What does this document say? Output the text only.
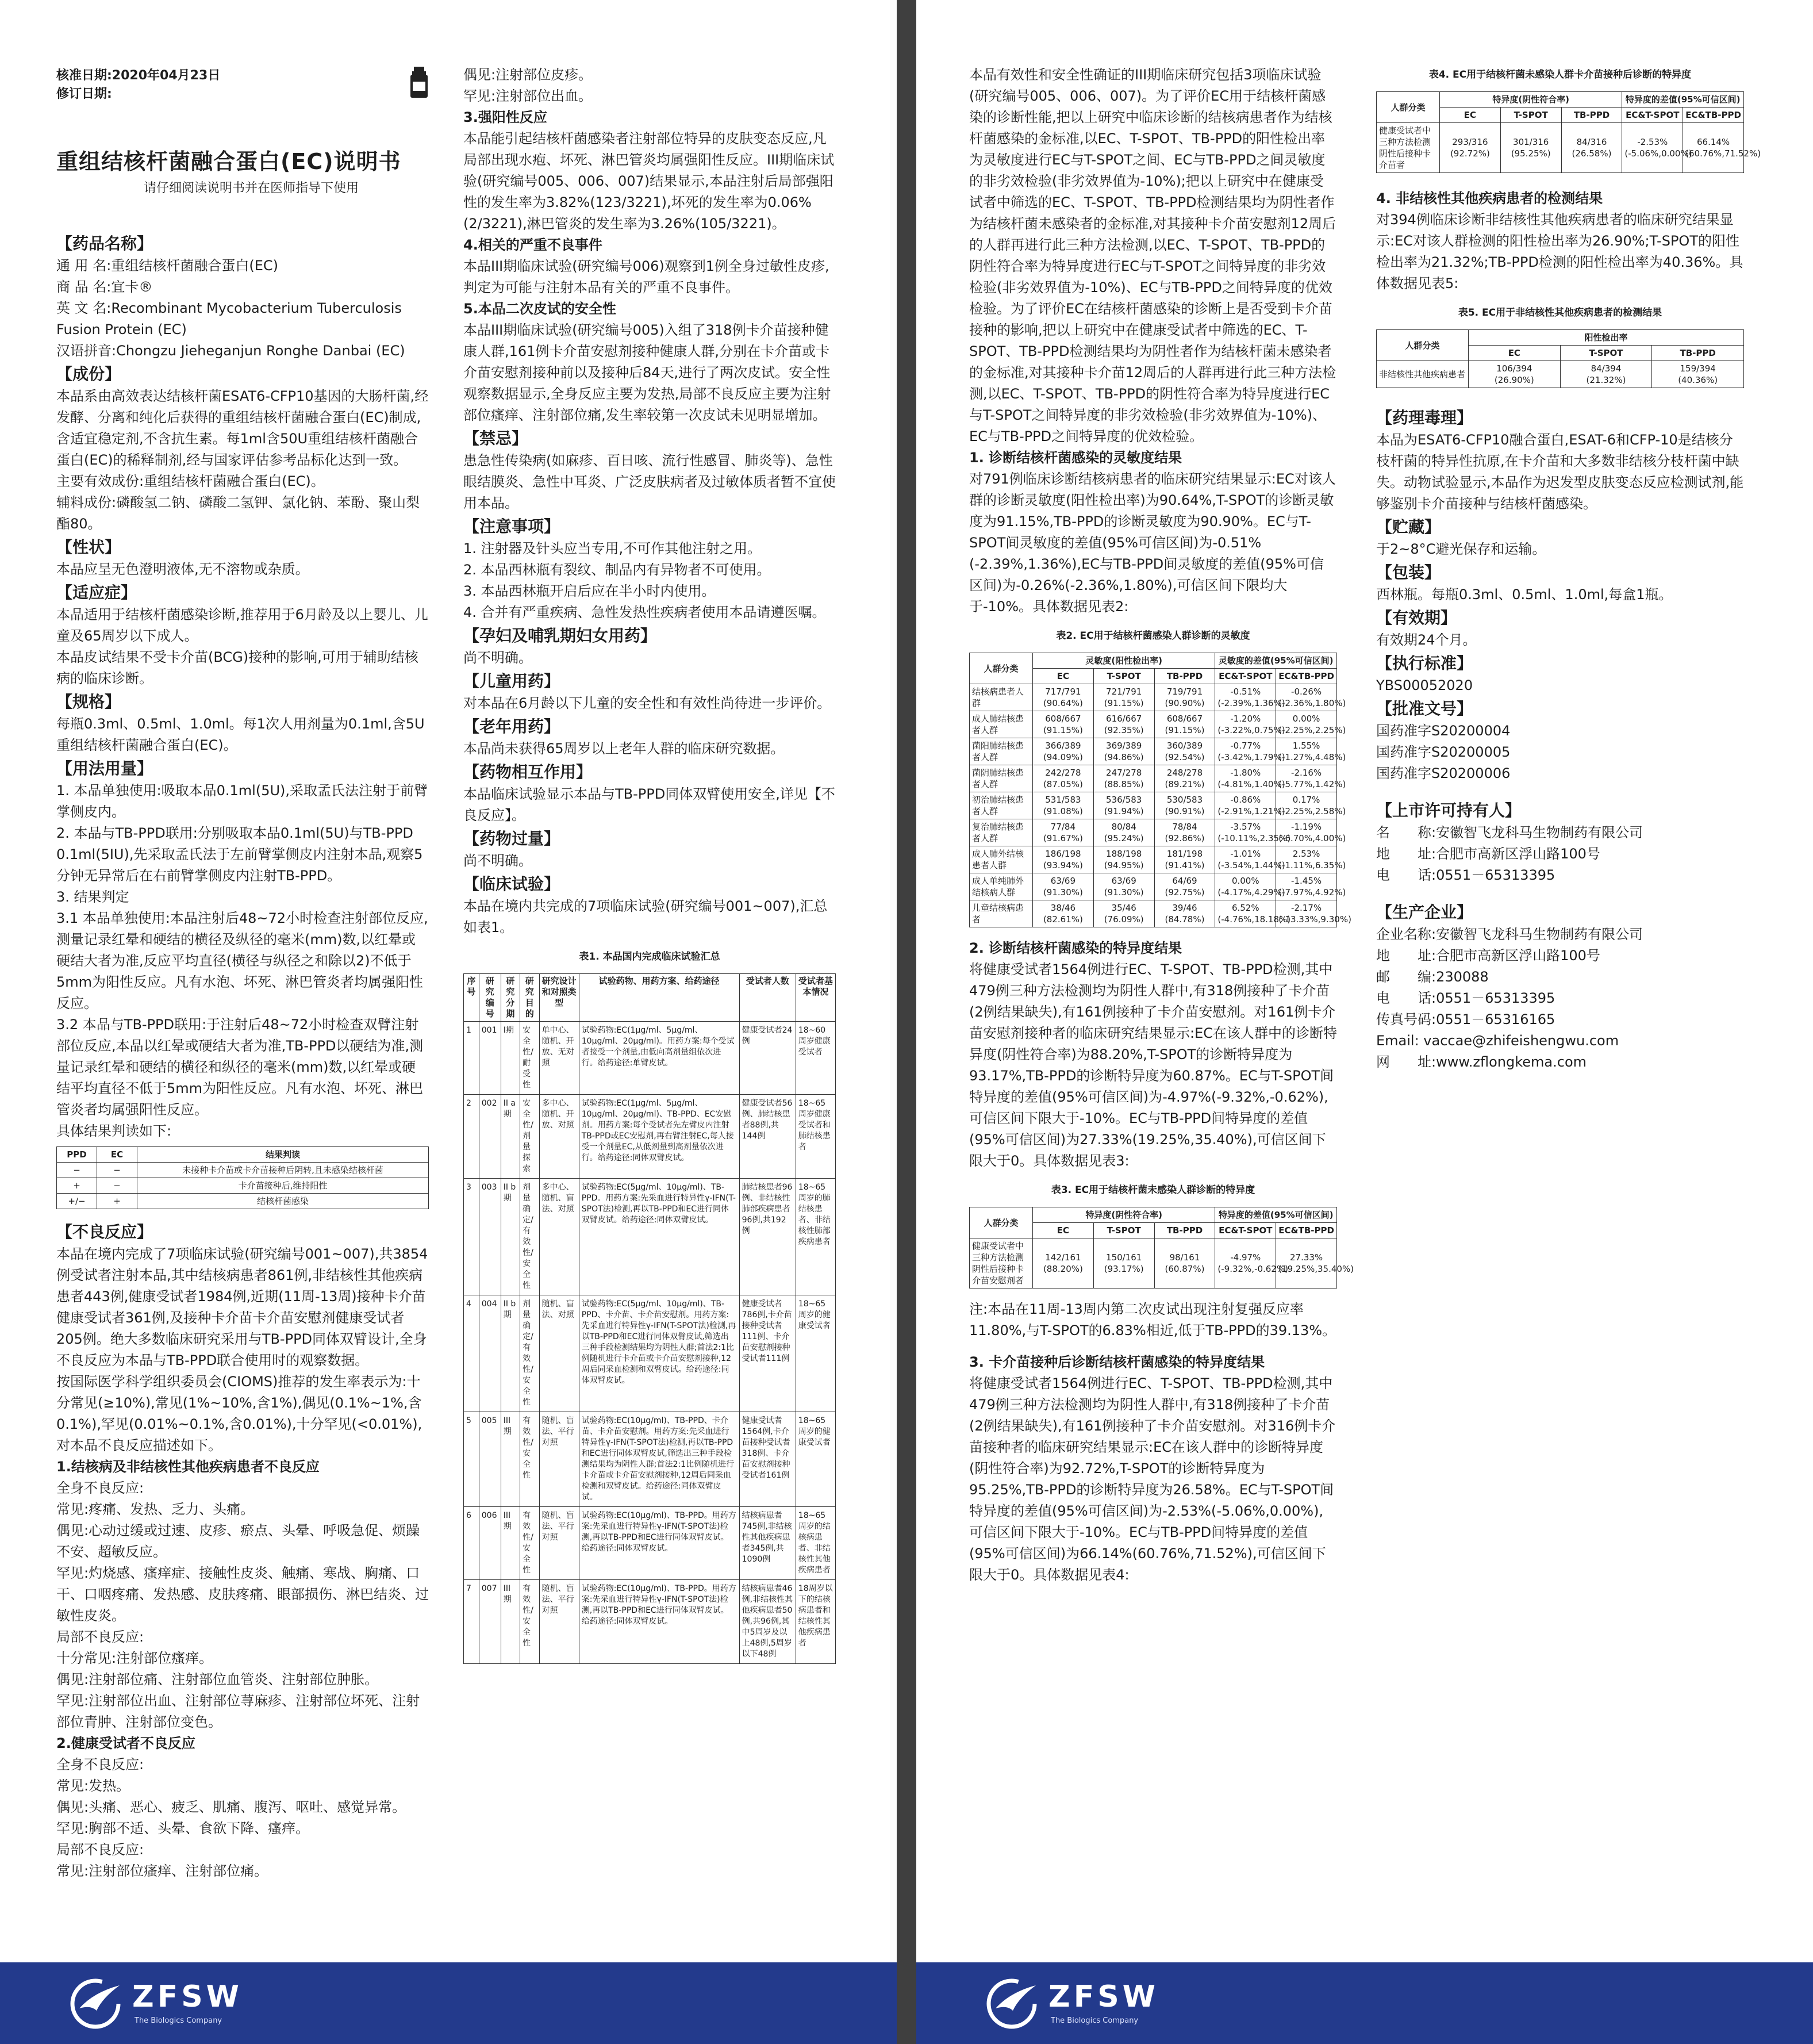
核准日期:2020年04月23日

修订日期:

重组结核杆菌融合蛋白(EC)说明书
请仔细阅读说明书并在医师指导下使用

【药品名称】

通 用 名:重组结核杆菌融合蛋白(EC)

商 品 名:宜卡®

英 文 名:Recombinant Mycobacterium Tuberculosis Fusion Protein (EC)

汉语拼音:Chongzu Jieheganjun Ronghe Danbai (EC)

【成份】

本品系由高效表达结核杆菌ESAT6-CFP10基因的大肠杆菌,经发酵、分离和纯化后获得的重组结核杆菌融合蛋白(EC)制成,含适宜稳定剂,不含抗生素。每1ml含50U重组结核杆菌融合蛋白(EC)的稀释制剂,经与国家评估参考品标化达到一致。

主要有效成份:重组结核杆菌融合蛋白(EC)。

辅料成份:磷酸氢二钠、磷酸二氢钾、氯化钠、苯酚、聚山梨酯80。

【性状】

本品应呈无色澄明液体,无不溶物或杂质。

【适应症】

本品适用于结核杆菌感染诊断,推荐用于6月龄及以上婴儿、儿童及65周岁以下成人。

本品皮试结果不受卡介苗(BCG)接种的影响,可用于辅助结核病的临床诊断。

【规格】

每瓶0.3ml、0.5ml、1.0ml。每1次人用剂量为0.1ml,含5U重组结核杆菌融合蛋白(EC)。

【用法用量】

1. 本品单独使用:吸取本品0.1ml(5U),采取孟氏法注射于前臂掌侧皮内。

2. 本品与TB-PPD联用:分别吸取本品0.1ml(5U)与TB-PPD 0.1ml(5IU),先采取孟氏法于左前臂掌侧皮内注射本品,观察5分钟无异常后在右前臂掌侧皮内注射TB-PPD。

3. 结果判定

3.1 本品单独使用:本品注射后48~72小时检查注射部位反应,测量记录红晕和硬结的横径及纵径的毫米(mm)数,以红晕或硬结大者为准,反应平均直径(横径与纵径之和除以2)不低于5mm为阳性反应。凡有水泡、坏死、淋巴管炎者均属强阳性反应。

3.2 本品与TB-PPD联用:于注射后48~72小时检查双臂注射部位反应,本品以红晕或硬结大者为准,TB-PPD以硬结为准,测量记录红晕和硬结的横径和纵径的毫米(mm)数,以红晕或硬结平均直径不低于5mm为阳性反应。凡有水泡、坏死、淋巴管炎者均属强阳性反应。

具体结果判读如下:

PPD	EC	结果判读
−	−	未接种卡介苗或卡介苗接种后阴转,且未感染结核杆菌
+	−	卡介苗接种后,维持阳性
+/−	+	结核杆菌感染

【不良反应】

本品在境内完成了7项临床试验(研究编号001~007),共3854例受试者注射本品,其中结核病患者861例,非结核性其他疾病患者443例,健康受试者1984例,近期(11周-13周)接种卡介苗健康受试者361例,及接种卡介苗卡介苗安慰剂健康受试者205例。绝大多数临床研究采用与TB-PPD同体双臂设计,全身不良反应为本品与TB-PPD联合使用时的观察数据。

按国际医学科学组织委员会(CIOMS)推荐的发生率表示为:十分常见(≥10%),常见(1%~10%,含1%),偶见(0.1%~1%,含0.1%),罕见(0.01%~0.1%,含0.01%),十分罕见(<0.01%),对本品不良反应描述如下。

1.结核病及非结核性其他疾病患者不良反应

全身不良反应:

常见:疼痛、发热、乏力、头痛。

偶见:心动过缓或过速、皮疹、瘀点、头晕、呼吸急促、烦躁不安、超敏反应。

罕见:灼烧感、瘙痒症、接触性皮炎、触痛、寒战、胸痛、口干、口咽疼痛、发热感、皮肤疼痛、眼部损伤、淋巴结炎、过敏性皮炎。

局部不良反应:

十分常见:注射部位瘙痒。

偶见:注射部位痛、注射部位血管炎、注射部位肿胀。

罕见:注射部位出血、注射部位荨麻疹、注射部位坏死、注射部位青肿、注射部位变色。

2.健康受试者不良反应

全身不良反应:

常见:发热。

偶见:头痛、恶心、疲乏、肌痛、腹泻、呕吐、感觉异常。

罕见:胸部不适、头晕、食欲下降、瘙痒。

局部不良反应:

常见:注射部位瘙痒、注射部位痛。

偶见:注射部位皮疹。

罕见:注射部位出血。

3.强阳性反应

本品能引起结核杆菌感染者注射部位特异的皮肤变态反应,凡局部出现水疱、坏死、淋巴管炎均属强阳性反应。III期临床试验(研究编号005、006、007)结果显示,本品注射后局部强阳性的发生率为3.82%(123/3221),坏死的发生率为0.06%(2/3221),淋巴管炎的发生率为3.26%(105/3221)。

4.相关的严重不良事件

本品III期临床试验(研究编号006)观察到1例全身过敏性皮疹,判定为可能与注射本品有关的严重不良事件。

5.本品二次皮试的安全性

本品III期临床试验(研究编号005)入组了318例卡介苗接种健康人群,161例卡介苗安慰剂接种健康人群,分别在卡介苗或卡介苗安慰剂接种前以及接种后84天,进行了两次皮试。安全性观察数据显示,全身反应主要为发热,局部不良反应主要为注射部位瘙痒、注射部位痛,发生率较第一次皮试未见明显增加。

【禁忌】

患急性传染病(如麻疹、百日咳、流行性感冒、肺炎等)、急性眼结膜炎、急性中耳炎、广泛皮肤病者及过敏体质者暂不宜使用本品。

【注意事项】

1. 注射器及针头应当专用,不可作其他注射之用。

2. 本品西林瓶有裂纹、制品内有异物者不可使用。

3. 本品西林瓶开启后应在半小时内使用。

4. 合并有严重疾病、急性发热性疾病者使用本品请遵医嘱。

【孕妇及哺乳期妇女用药】

尚不明确。

【儿童用药】

对本品在6月龄以下儿童的安全性和有效性尚待进一步评价。

【老年用药】

本品尚未获得65周岁以上老年人群的临床研究数据。

【药物相互作用】

本品临床试验显示本品与TB-PPD同体双臂使用安全,详见【不良反应】。

【药物过量】

尚不明确。

【临床试验】

本品在境内共完成的7项临床试验(研究编号001~007),汇总如表1。

表1. 本品国内完成临床试验汇总

序号	研究编号	研究分期	研究目的	研究设计和对照类型	试验药物、用药方案、给药途径	受试者人数	受试者基本情况
1	001	I期	安全性/耐受性	单中心、随机、开放、无对照	试验药物:EC(1μg/ml、5μg/ml、10μg/ml、20μg/ml)。用药方案:每个受试者接受一个剂量,由低向高剂量组依次进行。给药途径:单臂皮试。	健康受试者24例	18~60周岁健康受试者
2	002	II a期	安全性/剂量探索	多中心、随机、开放、对照	试验药物:EC(1μg/ml、5μg/ml、10μg/ml、20μg/ml)、TB-PPD、EC安慰剂。用药方案:每个受试者先左臂皮内注射TB-PPD或EC安慰剂,再右臂注射EC,每人接受一个剂量EC,从低剂量到高剂量依次进行。给药途径:同体双臂皮试。	健康受试者56例、肺结核患者88例,共144例	18~65周岁健康受试者和肺结核患者
3	003	II b期	剂量确定/有效性/安全性	多中心、随机、盲法、对照	试验药物:EC(5μg/ml、10μg/ml)、TB-PPD。用药方案:先采血进行特异性γ-IFN(T-SPOT法)检测,再以TB-PPD和EC进行同体双臂皮试。给药途径:同体双臂皮试。	肺结核患者96例、非结核性肺部疾病患者96例,共192例	18~65周岁的肺结核患者、非结核性肺部疾病患者
4	004	II b期	剂量确定/有效性/安全性	随机、盲法、对照	试验药物:EC(5μg/ml、10μg/ml)、TB-PPD、卡介苗、卡介苗安慰剂。用药方案:先采血进行特异性γ-IFN(T-SPOT法)检测,再以TB-PPD和EC进行同体双臂皮试,筛选出三种手段检测结果均为阴性人群;首法2:1比例随机进行卡介苗或卡介苗安慰剂接种,12周后同采血检测和双臂皮试。给药途径:同体双臂皮试。	健康受试者786例,卡介苗接种受试者111例、卡介苗安慰剂接种受试者111例	18~65周岁的健康受试者
5	005	III期	有效性/安全性	随机、盲法、平行对照	试验药物:EC(10μg/ml)、TB-PPD、卡介苗、卡介苗安慰剂。用药方案:先采血进行特异性γ-IFN(T-SPOT法)检测,再以TB-PPD和EC进行同体双臂皮试,筛选出三种手段检测结果均为阴性人群;首法2:1比例随机进行卡介苗或卡介苗安慰剂接种,12周后同采血检测和双臂皮试。给药途径:同体双臂皮试。	健康受试者1564例,卡介苗接种受试者318例、卡介苗安慰剂接种受试者161例	18~65周岁的健康受试者
6	006	III期	有效性/安全性	随机、盲法、平行对照	试验药物:EC(10μg/ml)、TB-PPD。用药方案:先采血进行特异性γ-IFN(T-SPOT法)检测,再以TB-PPD和EC进行同体双臂皮试。给药途径:同体双臂皮试。	结核病患者745例,非结核性其他疾病患者345例,共1090例	18~65周岁的结核病患者、非结核性其他疾病患者
7	007	III期	有效性/安全性	随机、盲法、平行对照	试验药物:EC(10μg/ml)、TB-PPD。用药方案:先采血进行特异性γ-IFN(T-SPOT法)检测,再以TB-PPD和EC进行同体双臂皮试。给药途径:同体双臂皮试。	结核病患者46例,非结核性其他疾病患者50例,共96例,其中5周岁及以上48例,5周岁以下48例	18周岁以下的结核病患者和结核性其他疾病患者
ZFSW
The Biologics Company

本品有效性和安全性确证的III期临床研究包括3项临床试验(研究编号005、006、007)。为了评价EC用于结核杆菌感染的诊断性能,把以上研究中临床诊断的结核病患者作为结核杆菌感染的金标准,以EC、T-SPOT、TB-PPD的阳性检出率为灵敏度进行EC与T-SPOT之间、EC与TB-PPD之间灵敏度的非劣效检验(非劣效界值为-10%);把以上研究中在健康受试者中筛选的EC、T-SPOT、TB-PPD检测结果均为阴性者作为结核杆菌未感染者的金标准,对其接种卡介苗安慰剂12周后的人群再进行此三种方法检测,以EC、T-SPOT、TB-PPD的阴性符合率为特异度进行EC与T-SPOT之间特异度的非劣效检验(非劣效界值为-10%)、EC与TB-PPD之间特异度的优效检验。为了评价EC在结核杆菌感染的诊断上是否受到卡介苗接种的影响,把以上研究中在健康受试者中筛选的EC、T-SPOT、TB-PPD检测结果均为阴性者作为结核杆菌未感染者的金标准,对其接种卡介苗12周后的人群再进行此三种方法检测,以EC、T-SPOT、TB-PPD的阴性符合率为特异度进行EC与T-SPOT之间特异度的非劣效检验(非劣效界值为-10%)、EC与TB-PPD之间特异度的优效检验。

1. 诊断结核杆菌感染的灵敏度结果

对791例临床诊断结核病患者的临床研究结果显示:EC对该人群的诊断灵敏度(阳性检出率)为90.64%,T-SPOT的诊断灵敏度为91.15%,TB-PPD的诊断灵敏度为90.90%。EC与T-SPOT间灵敏度的差值(95%可信区间)为-0.51%(-2.39%,1.36%),EC与TB-PPD间灵敏度的差值(95%可信区间)为-0.26%(-2.36%,1.80%),可信区间下限均大于-10%。具体数据见表2:

表2. EC用于结核杆菌感染人群诊断的灵敏度

人群分类	灵敏度(阳性检出率)			灵敏度的差值(95%可信区间)	
	EC	T-SPOT	TB-PPD	EC&T-SPOT	EC&TB-PPD
结核病患者人群	717/791
(90.64%)	721/791
(91.15%)	719/791
(90.90%)	-0.51%
(-2.39%,1.36%)	-0.26%
(-2.36%,1.80%)
成人肺结核患者人群	608/667
(91.15%)	616/667
(92.35%)	608/667
(91.15%)	-1.20%
(-3.22%,0.75%)	0.00%
(-2.25%,2.25%)
菌阳肺结核患者人群	366/389
(94.09%)	369/389
(94.86%)	360/389
(92.54%)	-0.77%
(-3.42%,1.79%)	1.55%
(-1.27%,4.48%)
菌阴肺结核患者人群	242/278
(87.05%)	247/278
(88.85%)	248/278
(89.21%)	-1.80%
(-4.81%,1.40%)	-2.16%
(-5.77%,1.42%)
初治肺结核患者人群	531/583
(91.08%)	536/583
(91.94%)	530/583
(90.91%)	-0.86%
(-2.91%,1.21%)	0.17%
(-2.25%,2.58%)
复治肺结核患者人群	77/84
(91.67%)	80/84
(95.24%)	78/84
(92.86%)	-3.57%
(-10.11%,2.35%)	-1.19%
(-6.70%,4.00%)
成人肺外结核患者人群	186/198
(93.94%)	188/198
(94.95%)	181/198
(91.41%)	-1.01%
(-3.54%,1.44%)	2.53%
(-1.11%,6.35%)
成人单纯肺外结核病人群	63/69
(91.30%)	63/69
(91.30%)	64/69
(92.75%)	0.00%
(-4.17%,4.29%)	-1.45%
(-7.97%,4.92%)
儿童结核病患者	38/46
(82.61%)	35/46
(76.09%)	39/46
(84.78%)	6.52%
(-4.76%,18.18%)	-2.17%
(-13.33%,9.30%)

2. 诊断结核杆菌感染的特异度结果

将健康受试者1564例进行EC、T-SPOT、TB-PPD检测,其中479例三种方法检测均为阴性人群中,有318例接种了卡介苗(2例结果缺失),有161例接种了卡介苗安慰剂。对161例卡介苗安慰剂接种者的临床研究结果显示:EC在该人群中的诊断特异度(阴性符合率)为88.20%,T-SPOT的诊断特异度为93.17%,TB-PPD的诊断特异度为60.87%。EC与T-SPOT间特异度的差值(95%可信区间)为-4.97%(-9.32%,-0.62%),可信区间下限大于-10%。EC与TB-PPD间特异度的差值(95%可信区间)为27.33%(19.25%,35.40%),可信区间下限大于0。具体数据见表3:

表3. EC用于结核杆菌未感染人群诊断的特异度

人群分类	特异度(阴性符合率)			特异度的差值(95%可信区间)	
	EC	T-SPOT	TB-PPD	EC&T-SPOT	EC&TB-PPD
健康受试者中三种方法检测阴性后接种卡介苗安慰剂者	142/161
(88.20%)	150/161
(93.17%)	98/161
(60.87%)	-4.97%
(-9.32%,-0.62%)	27.33%
(19.25%,35.40%)

注:本品在11周-13周内第二次皮试出现注射复强反应率11.80%,与T-SPOT的6.83%相近,低于TB-PPD的39.13%。

3. 卡介苗接种后诊断结核杆菌感染的特异度结果

将健康受试者1564例进行EC、T-SPOT、TB-PPD检测,其中479例三种方法检测均为阴性人群中,有318例接种了卡介苗(2例结果缺失),有161例接种了卡介苗安慰剂。对316例卡介苗接种者的临床研究结果显示:EC在该人群中的诊断特异度(阴性符合率)为92.72%,T-SPOT的诊断特异度为95.25%,TB-PPD的诊断特异度为26.58%。EC与T-SPOT间特异度的差值(95%可信区间)为-2.53%(-5.06%,0.00%),可信区间下限大于-10%。EC与TB-PPD间特异度的差值(95%可信区间)为66.14%(60.76%,71.52%),可信区间下限大于0。具体数据见表4:

表4. EC用于结核杆菌未感染人群卡介苗接种后诊断的特异度

人群分类	特异度(阴性符合率)			特异度的差值(95%可信区间)	
	EC	T-SPOT	TB-PPD	EC&T-SPOT	EC&TB-PPD
健康受试者中三种方法检测阴性后接种卡介苗者	293/316
(92.72%)	301/316
(95.25%)	84/316
(26.58%)	-2.53%
(-5.06%,0.00%)	66.14%
(60.76%,71.52%)

4. 非结核性其他疾病患者的检测结果

对394例临床诊断非结核性其他疾病患者的临床研究结果显示:EC对该人群检测的阳性检出率为26.90%;T-SPOT的阳性检出率为21.32%;TB-PPD检测的阳性检出率为40.36%。具体数据见表5:

表5. EC用于非结核性其他疾病患者的检测结果

人群分类	阳性检出率		
	EC	T-SPOT	TB-PPD
非结核性其他疾病患者	106/394
(26.90%)	84/394
(21.32%)	159/394
(40.36%)

【药理毒理】

本品为ESAT6-CFP10融合蛋白,ESAT-6和CFP-10是结核分枝杆菌的特异性抗原,在卡介苗和大多数非结核分枝杆菌中缺失。动物试验显示,本品作为迟发型皮肤变态反应检测试剂,能够鉴别卡介苗接种与结核杆菌感染。

【贮藏】

于2~8°C避光保存和运输。

【包装】

西林瓶。每瓶0.3ml、0.5ml、1.0ml,每盒1瓶。

【有效期】

有效期24个月。

【执行标准】

YBS00052020

【批准文号】

国药准字S20200004

国药准字S20200005

国药准字S20200006

【上市许可持有人】

名　　称:安徽智飞龙科马生物制药有限公司

地　　址:合肥市高新区浮山路100号

电　　话:0551－65313395

【生产企业】

企业名称:安徽智飞龙科马生物制药有限公司

地　　址:合肥市高新区浮山路100号

邮　　编:230088

电　　话:0551－65313395

传真号码:0551－65316165

Email: vaccae@zhifeishengwu.com

网　　址:www.zflongkema.com

ZFSW
The Biologics Company
